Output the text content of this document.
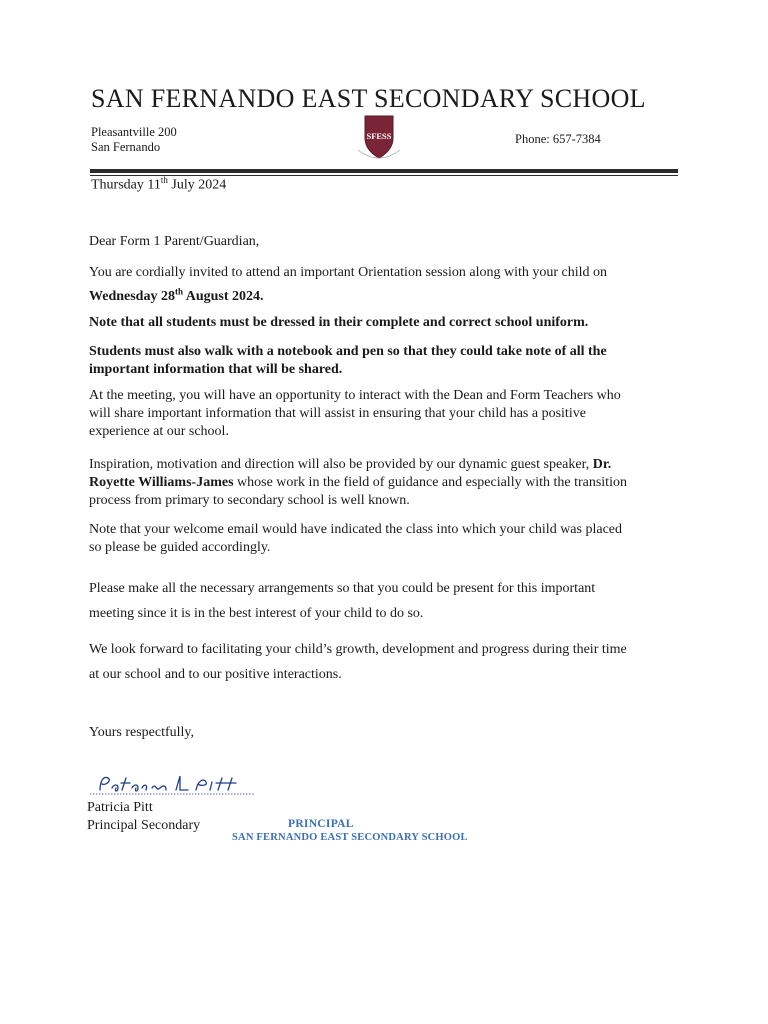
SAN FERNANDO EAST SECONDARY SCHOOL
Pleasantville 200
San Fernando
SFESS	Phone: 657-7384
Thursday 11th July 2024
Dear Form 1 Parent/Guardian,
You are cordially invited to attend an important Orientation session along with your child on
Wednesday 28th August 2024.
Note that all students must be dressed in their complete and correct school uniform.
Students must also walk with a notebook and pen so that they could take note of all the important information that will be shared.
At the meeting, you will have an opportunity to interact with the Dean and Form Teachers who will share important information that will assist in ensuring that your child has a positive experience at our school.
Inspiration, motivation and direction will also be provided by our dynamic guest speaker, Dr. Royette Williams-James whose work in the field of guidance and especially with the transition process from primary to secondary school is well known.
Note that your welcome email would have indicated the class into which your child was placed so please be guided accordingly.
Please make all the necessary arrangements so that you could be present for this important meeting since it is in the best interest of your child to do so.
We look forward to facilitating your child’s growth, development and progress during their time at our school and to our positive interactions.
Yours respectfully,
Patricia Pitt
Principal Secondary	PRINCIPAL
SAN FERNANDO EAST SECONDARY SCHOOL
